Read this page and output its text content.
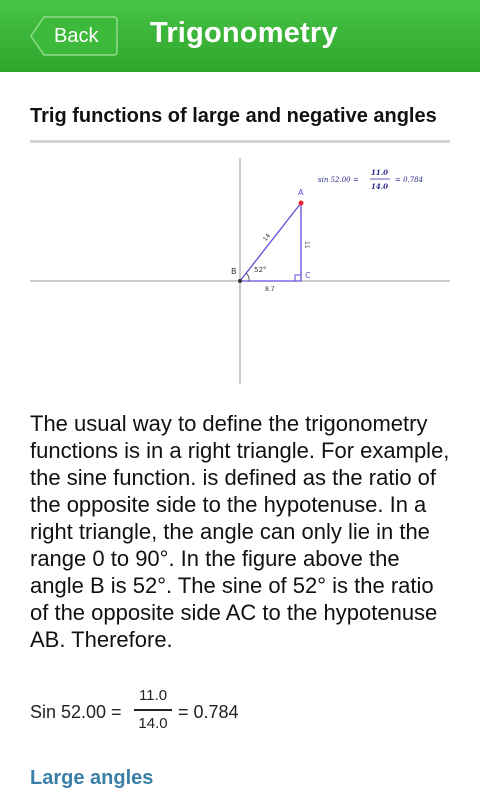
Back Trigonometry
Trig functions of large and negative angles
A
B	C
52°
14
11
8.7
sin 52.00 =
11.0
14.0
= 0.784

The usual way to define the trigonometry functions is in a right triangle. For example, the sine function. is defined as the ratio of the opposite side to the hypotenuse. In a right triangle, the angle can only lie in the range 0 to 90°. In the figure above the angle B is 52°. The sine of 52° is the ratio of the opposite side AC to the hypotenuse AB. Therefore.

Sin 52.00 =
11.0
14.0
= 0.784
Large angles
